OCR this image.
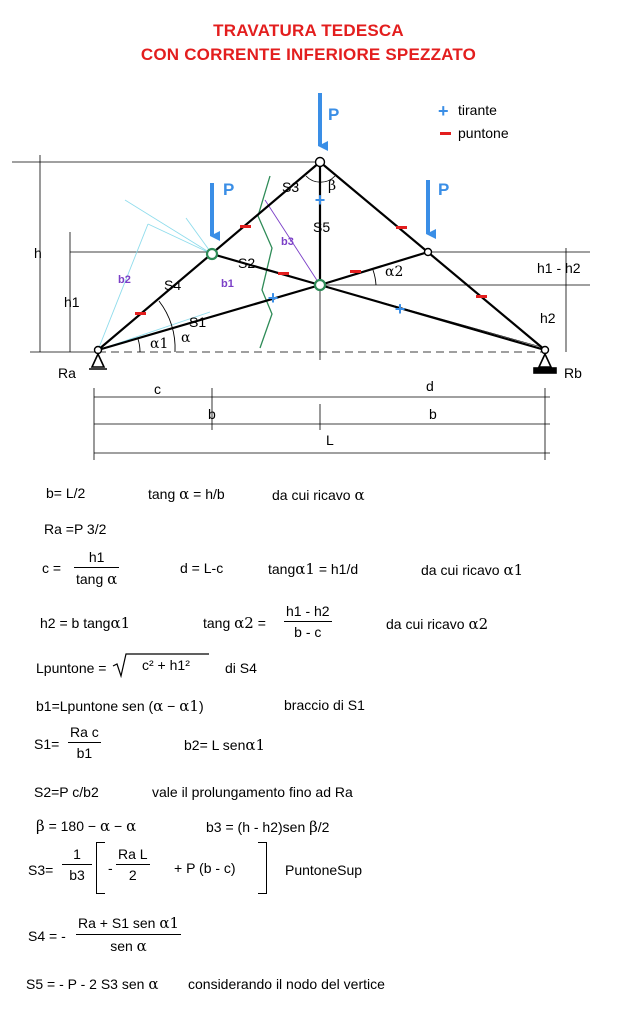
TRAVATURA TEDESCA
CON CORRENTE INFERIORE SPEZZATO
P
P	P
+
+
+
+ tirante
puntone
S3
S5
S2
S4
S1
b2	b1
b3
β
α
α1
α2
Ra	Rb
h
h1
h2
h1 - h2
c	d
b	b
L
b= L/2	tang α = h/b	da cui ricavo α
Ra =P 3/2
c =
h1
tang α
d = L-c	tangα1 = h1/d	da cui ricavo α1
h2 = b tangα1	tang α2 =
h1 - h2
b - c	da cui ricavo α2
Lpuntone =	c² + h1²	di S4
b1=Lpuntone sen (α − α1)	braccio di S1
S1=
Ra c
b1	b2= L senα1
S2=P c/b2	vale il prolungamento fino ad Ra
β = 180 − α − α	b3 = (h - h2)sen β/2
S3=
1
b3	-
Ra L
2	+ P (b - c)	PuntoneSup
S4 = -
Ra + S1 sen α1
sen α
S5 = - P - 2 S3 sen α considerando il nodo del vertice
